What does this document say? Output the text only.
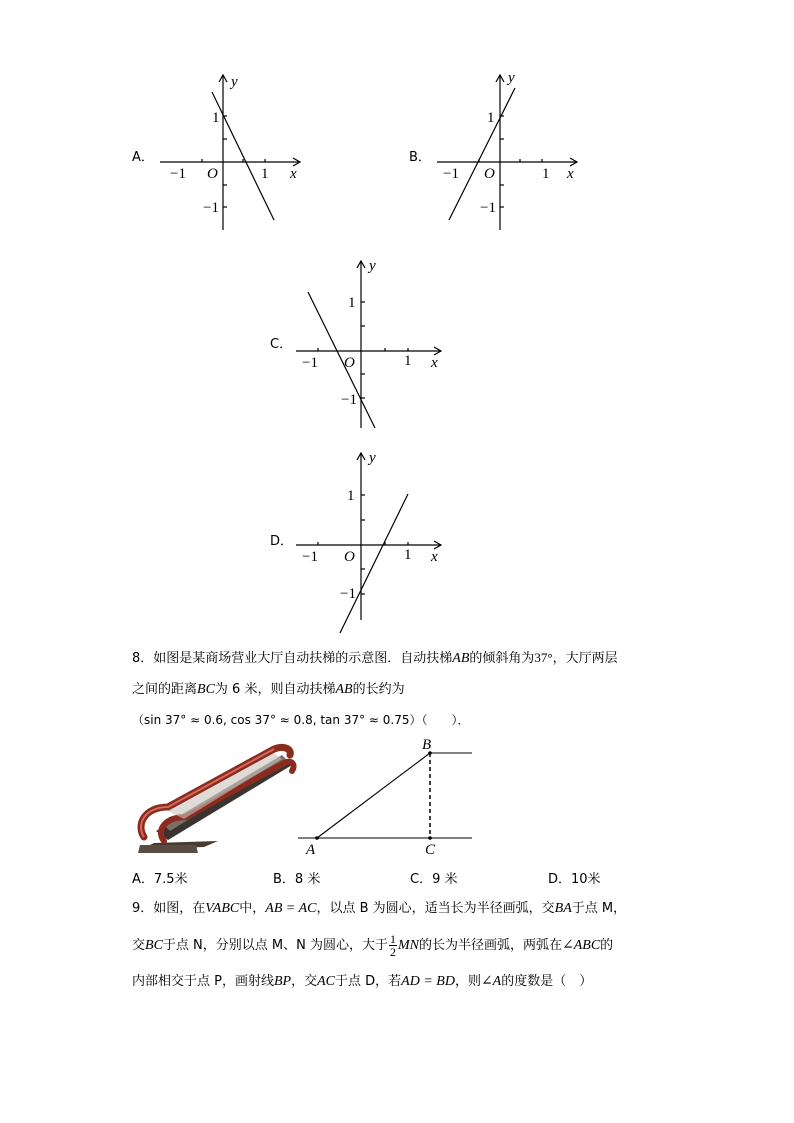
A．
y
x
O	1
−1
1
−1
B．
y
x
O	1
−1
1
−1
C．
y
x
O	1
−1
1
−1
D．
y
x
O	1
−1
1
−1
8．如图是某商场营业大厅自动扶梯的示意图．自动扶梯AB的倾斜角为37°，大厅两层
之间的距离BC为 6 米，则自动扶梯AB的长约为
（sin 37° ≈ 0.6, cos 37° ≈ 0.8, tan 37° ≈ 0.75）（　　）．
B
A	C
A．7.5米	B．8 米	C．9 米	D．10米
9．如图，在VABC中，AB = AC，以点 B 为圆心，适当长为半径画弧，交BA于点 M，
交BC于点 N，分别以点 M、N 为圆心，大于 $\frac{1}{2}$ MN的长为半径画弧，两弧在∠ABC的
内部相交于点 P，画射线BP，交AC于点 D，若AD = BD，则∠A的度数是（　）
